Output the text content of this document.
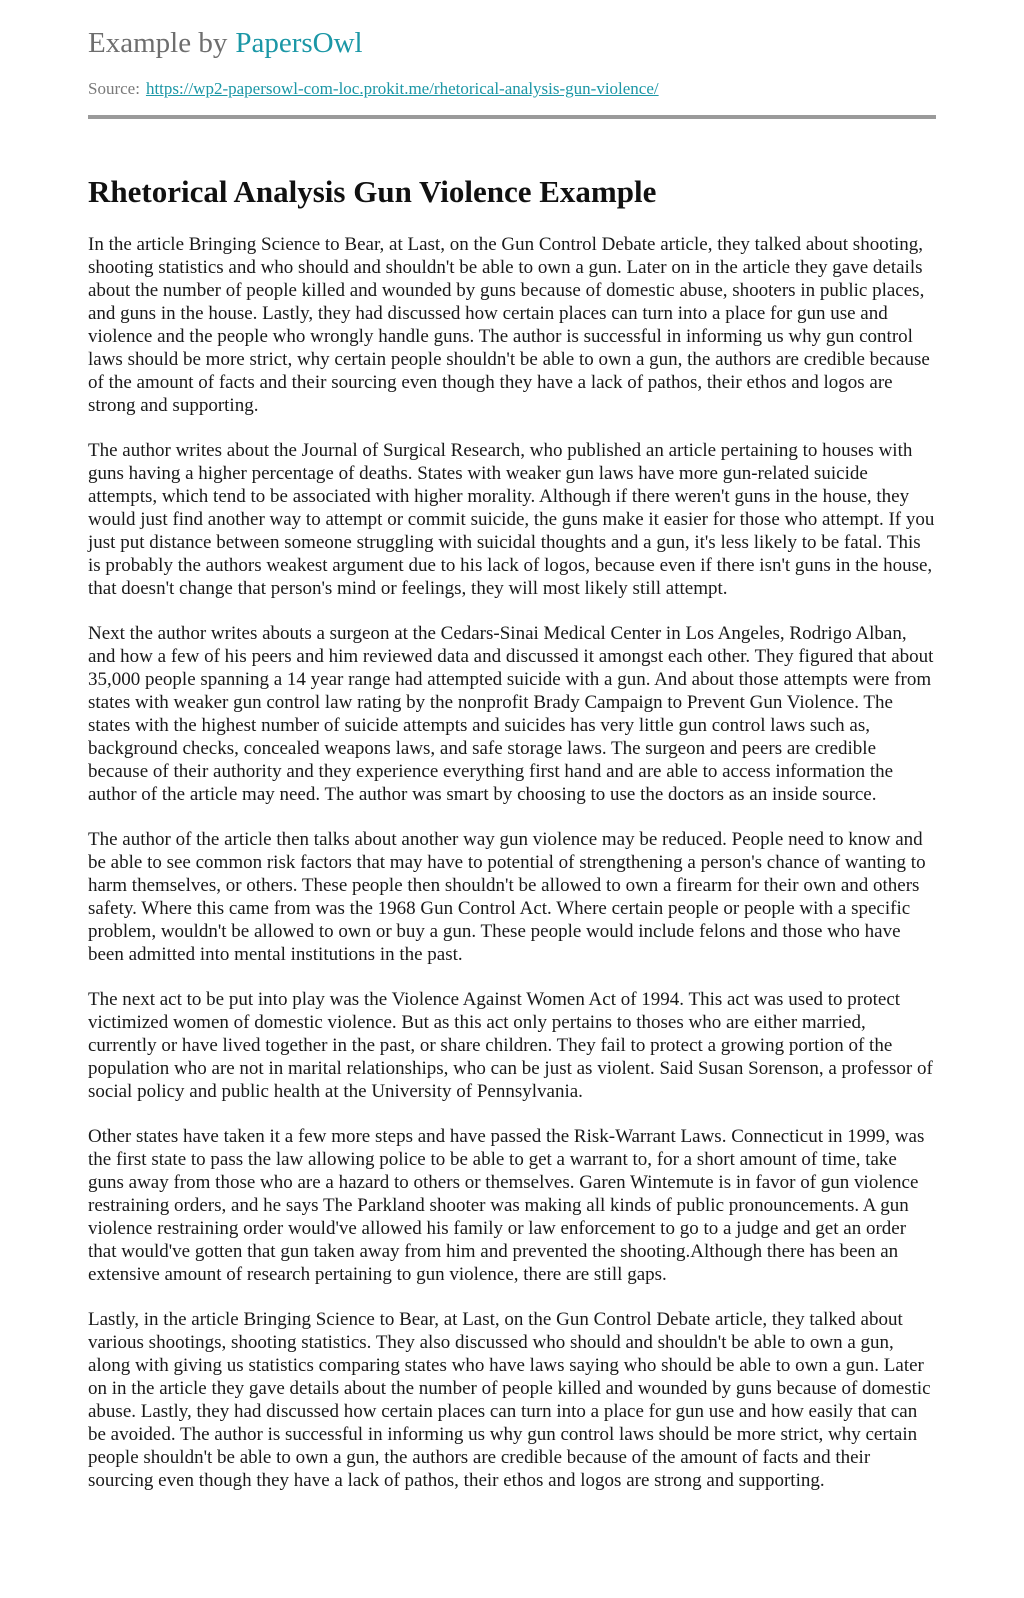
Example by PapersOwl
Source: https://wp2-papersowl-com-loc.prokit.me/rhetorical-analysis-gun-violence/
Rhetorical Analysis Gun Violence Example

In the article Bringing Science to Bear, at Last, on the Gun Control Debate article, they talked about shooting, shooting statistics and who should and shouldn't be able to own a gun. Later on in the article they gave details about the number of people killed and wounded by guns because of domestic abuse, shooters in public places, and guns in the house. Lastly, they had discussed how certain places can turn into a place for gun use and violence and the people who wrongly handle guns. The author is successful in informing us why gun control laws should be more strict, why certain people shouldn't be able to own a gun, the authors are credible because of the amount of facts and their sourcing even though they have a lack of pathos, their ethos and logos are strong and supporting.

The author writes about the Journal of Surgical Research, who published an article pertaining to houses with guns having a higher percentage of deaths. States with weaker gun laws have more gun-related suicide attempts, which tend to be associated with higher morality. Although if there weren't guns in the house, they would just find another way to attempt or commit suicide, the guns make it easier for those who attempt. If you just put distance between someone struggling with suicidal thoughts and a gun, it's less likely to be fatal. This is probably the authors weakest argument due to his lack of logos, because even if there isn't guns in the house, that doesn't change that person's mind or feelings, they will most likely still attempt.

Next the author writes abouts a surgeon at the Cedars-Sinai Medical Center in Los Angeles, Rodrigo Alban, and how a few of his peers and him reviewed data and discussed it amongst each other. They figured that about 35,000 people spanning a 14 year range had attempted suicide with a gun. And about those attempts were from states with weaker gun control law rating by the nonprofit Brady Campaign to Prevent Gun Violence. The states with the highest number of suicide attempts and suicides has very little gun control laws such as, background checks, concealed weapons laws, and safe storage laws. The surgeon and peers are credible because of their authority and they experience everything first hand and are able to access information the author of the article may need. The author was smart by choosing to use the doctors as an inside source.

The author of the article then talks about another way gun violence may be reduced. People need to know and be able to see common risk factors that may have to potential of strengthening a person's chance of wanting to harm themselves, or others. These people then shouldn't be allowed to own a firearm for their own and others safety. Where this came from was the 1968 Gun Control Act. Where certain people or people with a specific problem, wouldn't be allowed to own or buy a gun. These people would include felons and those who have been admitted into mental institutions in the past.

The next act to be put into play was the Violence Against Women Act of 1994. This act was used to protect victimized women of domestic violence. But as this act only pertains to thoses who are either married, currently or have lived together in the past, or share children. They fail to protect a growing portion of the population who are not in marital relationships, who can be just as violent. Said Susan Sorenson, a professor of social policy and public health at the University of Pennsylvania.

Other states have taken it a few more steps and have passed the Risk-Warrant Laws. Connecticut in 1999, was the first state to pass the law allowing police to be able to get a warrant to, for a short amount of time, take guns away from those who are a hazard to others or themselves. Garen Wintemute is in favor of gun violence restraining orders, and he says The Parkland shooter was making all kinds of public pronouncements. A gun violence restraining order would've allowed his family or law enforcement to go to a judge and get an order that would've gotten that gun taken away from him and prevented the shooting.Although there has been an extensive amount of research pertaining to gun violence, there are still gaps.

Lastly, in the article Bringing Science to Bear, at Last, on the Gun Control Debate article, they talked about various shootings, shooting statistics. They also discussed who should and shouldn't be able to own a gun, along with giving us statistics comparing states who have laws saying who should be able to own a gun. Later on in the article they gave details about the number of people killed and wounded by guns because of domestic abuse. Lastly, they had discussed how certain places can turn into a place for gun use and how easily that can be avoided. The author is successful in informing us why gun control laws should be more strict, why certain people shouldn't be able to own a gun, the authors are credible because of the amount of facts and their sourcing even though they have a lack of pathos, their ethos and logos are strong and supporting.
